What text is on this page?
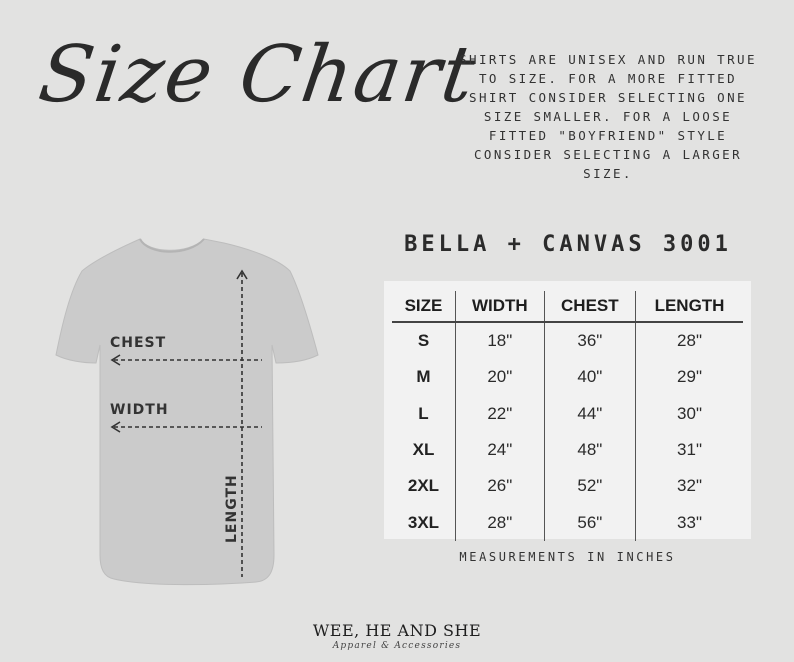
Size Chart
SHIRTS ARE UNISEX AND RUN TRUE TO SIZE. FOR A MORE FITTED SHIRT CONSIDER SELECTING ONE SIZE SMALLER. FOR A LOOSE FITTED "BOYFRIEND" STYLE CONSIDER SELECTING A LARGER SIZE.
CHEST
WIDTH
LENGTH
BELLA + CANVAS 3001
SIZE	WIDTH	CHEST	LENGTH
S	18"	36"	28"
M	20"	40"	29"
L	22"	44"	30"
XL	24"	48"	31"
2XL	26"	52"	32"
3XL	28"	56"	33"
MEASUREMENTS IN INCHES
WEE, HE AND SHE
Apparel & Accessories
